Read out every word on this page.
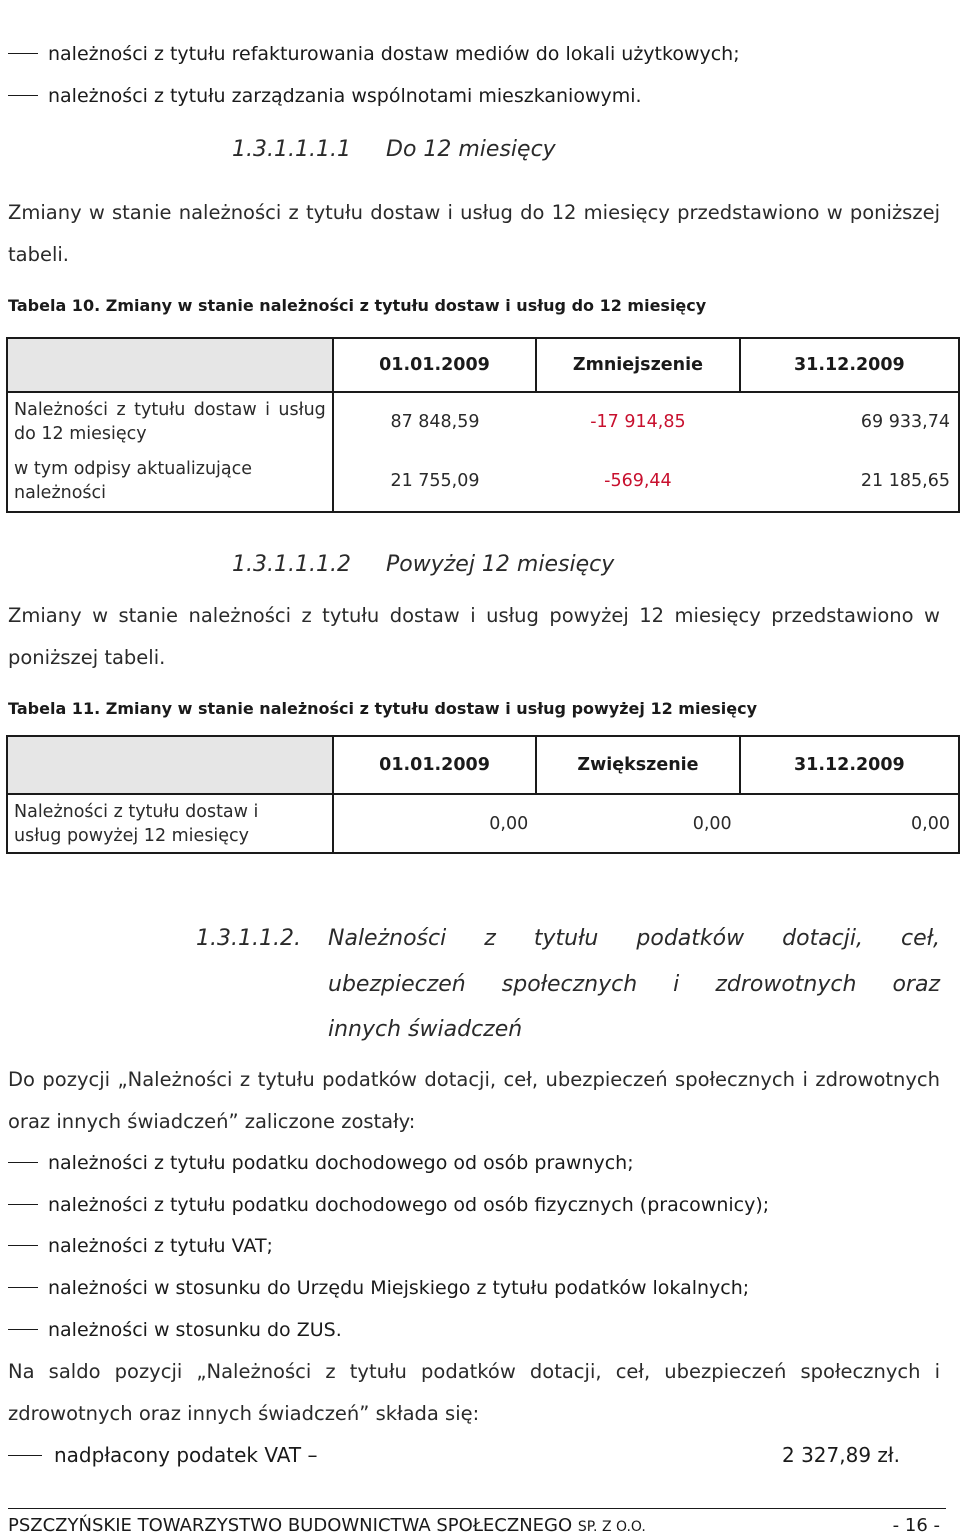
należności z tytułu refakturowania dostaw mediów do lokali użytkowych;
należności z tytułu zarządzania wspólnotami mieszkaniowymi.
1.3.1.1.1.1 Do 12 miesięcy
Zmiany w stanie należności z tytułu dostaw i usług do 12 miesięcy przedstawiono w poniższej tabeli.
Tabela 10. Zmiany w stanie należności z tytułu dostaw i usług do 12 miesięcy
	01.01.2009	Zmniejszenie	31.12.2009

Należności z tytułu dostaw i usług do 12 miesięcy	87 848,59	-17 914,85	69 933,74

w tym odpisy aktualizujące należności	21 755,09	-569,44	21 185,65
1.3.1.1.1.2 Powyżej 12 miesięcy
Zmiany w stanie należności z tytułu dostaw i usług powyżej 12 miesięcy przedstawiono w poniższej tabeli.
Tabela 11. Zmiany w stanie należności z tytułu dostaw i usług powyżej 12 miesięcy
	01.01.2009	Zwiększenie	31.12.2009

Należności z tytułu dostaw i usług powyżej 12 miesięcy	0,00	0,00	0,00
1.3.1.1.2. Należności z tytułu podatków dotacji, ceł,
ubezpieczeń społecznych i zdrowotnych oraz
innych świadczeń
Do pozycji „Należności z tytułu podatków dotacji, ceł, ubezpieczeń społecznych i zdrowotnych oraz innych świadczeń” zaliczone zostały:
należności z tytułu podatku dochodowego od osób prawnych;
należności z tytułu podatku dochodowego od osób fizycznych (pracownicy);
należności z tytułu VAT;
należności w stosunku do Urzędu Miejskiego z tytułu podatków lokalnych;
należności w stosunku do ZUS.
Na saldo pozycji „Należności z tytułu podatków dotacji, ceł, ubezpieczeń społecznych i zdrowotnych oraz innych świadczeń” składa się:
nadpłacony podatek VAT –	2 327,89 zł.
PSZCZYŃSKIE TOWARZYSTWO BUDOWNICTWA SPOŁECZNEGO SP. Z O.O.	- 16 -
